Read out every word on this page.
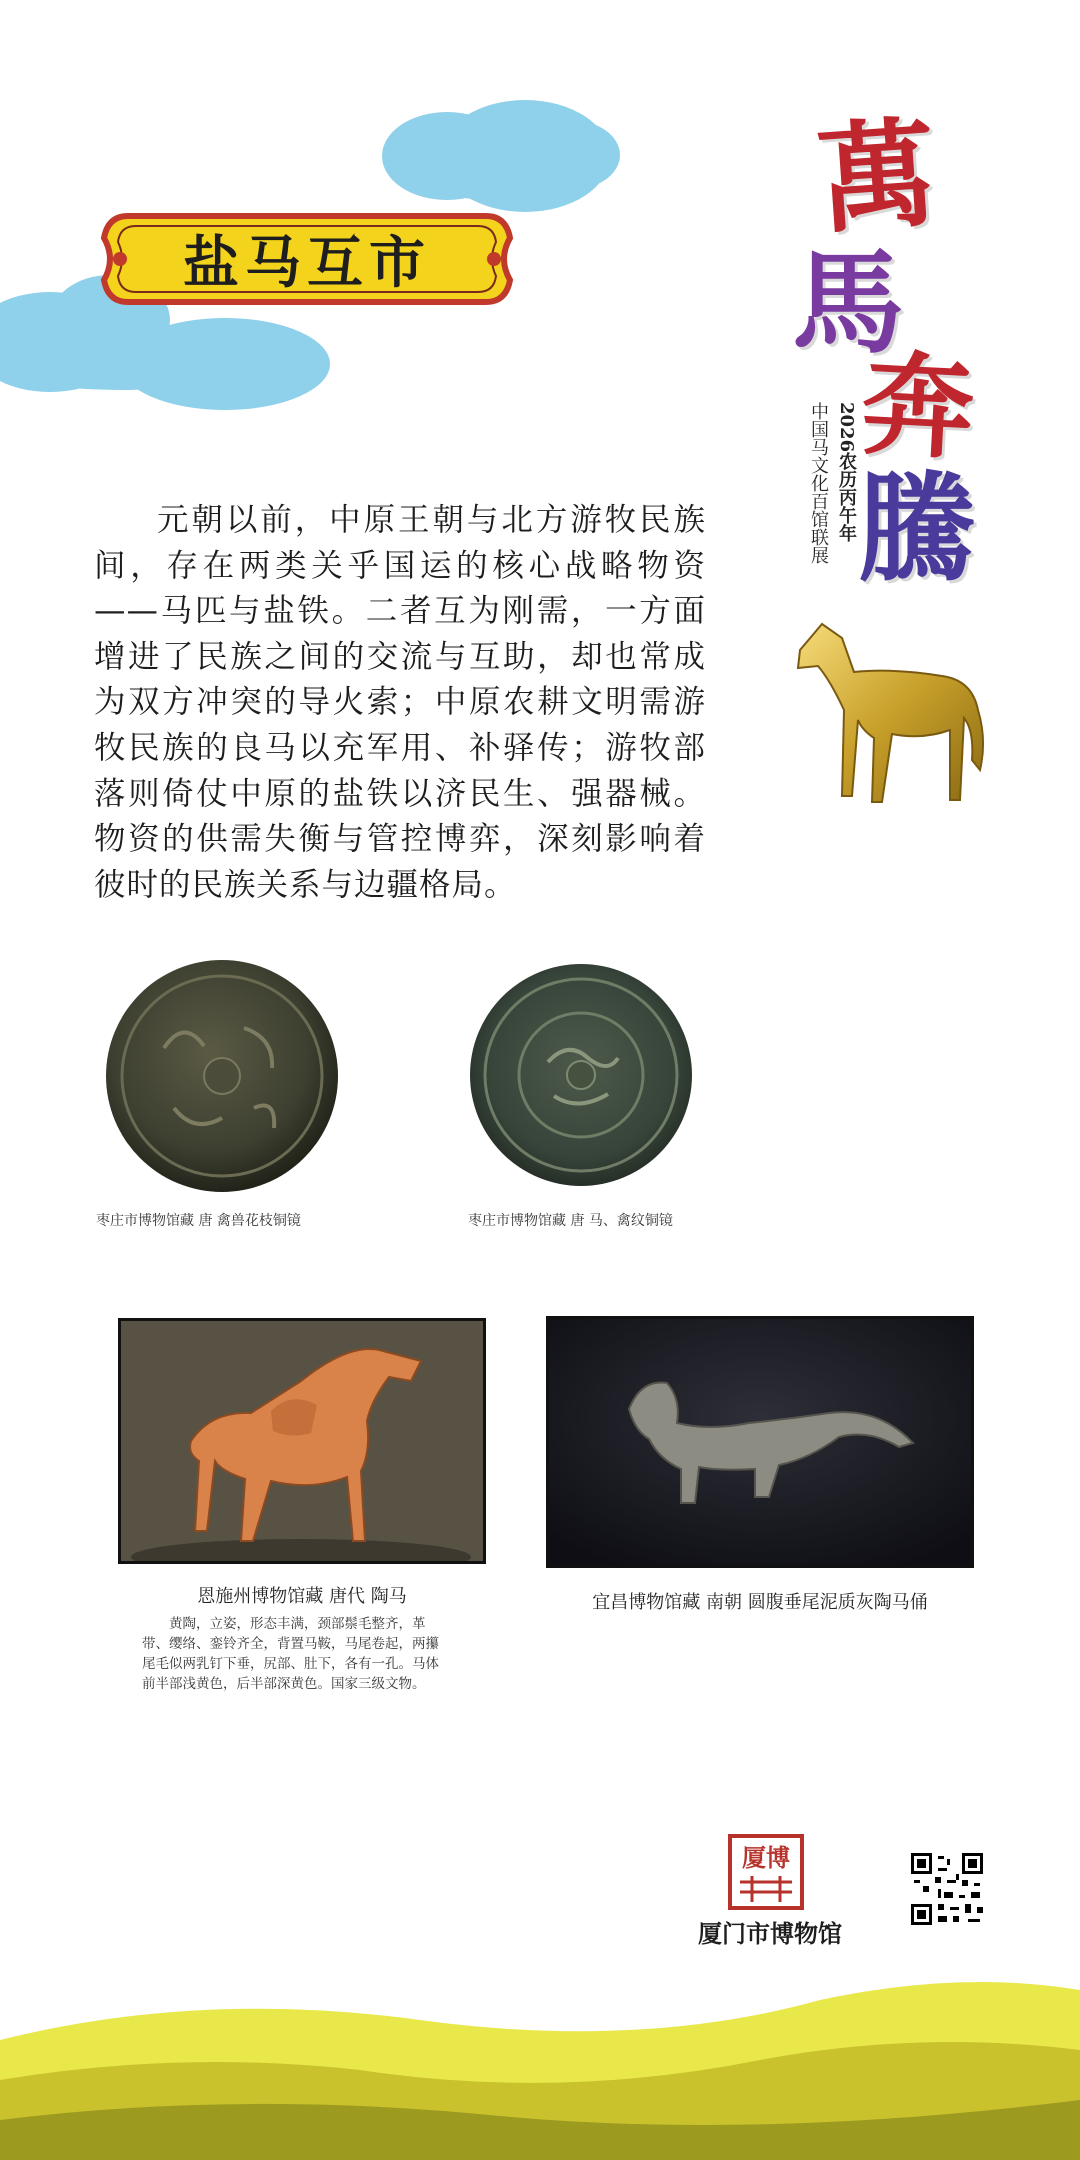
盐马互市
萬
馬
奔
騰
2026农历丙午年
中国马文化百馆联展
元朝以前，中原王朝与北方游牧民族间，存在两类关乎国运的核心战略物资——马匹与盐铁。二者互为刚需，一方面增进了民族之间的交流与互助，却也常成为双方冲突的导火索；中原农耕文明需游牧民族的良马以充军用、补驿传；游牧部落则倚仗中原的盐铁以济民生、强器械。物资的供需失衡与管控博弈，深刻影响着彼时的民族关系与边疆格局。
枣庄市博物馆藏 唐 禽兽花枝铜镜	枣庄市博物馆藏 唐 马、禽纹铜镜
恩施州博物馆藏 唐代 陶马
黄陶，立姿，形态丰满，颈部鬃毛整齐，革带、缨络、銮铃齐全，背置马鞍，马尾卷起，两攥尾毛似两乳钉下垂，尻部、肚下，各有一孔。马体前半部浅黄色，后半部深黄色。国家三级文物。
宜昌博物馆藏 南朝 圆腹垂尾泥质灰陶马俑
厦博
厦门市博物馆
